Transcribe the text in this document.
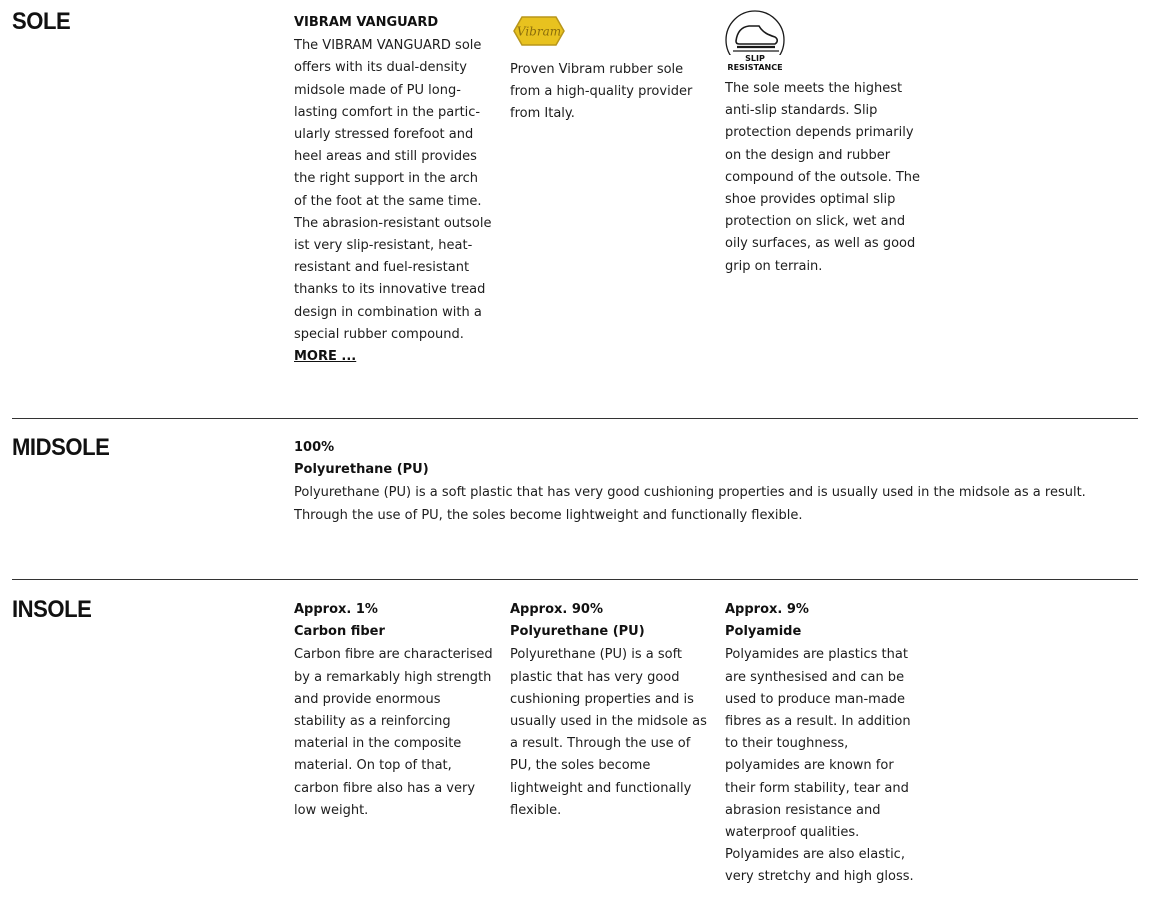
SOLE	VIBRAM VANGUARD

The VIBRAM VANGUARD sole offers with its dual-density midsole made of PU long-lasting comfort in the partic-ularly stressed forefoot and heel areas and still provides the right support in the arch of the foot at the same time. The abrasion-resistant outsole ist very slip-resistant, heat-resistant and fuel-resistant thanks to its innovative tread design in combination with a special rubber compound.

MORE ...
Vibram

Proven Vibram rubber sole from a high-quality provider from Italy.

SLIP
RESISTANCE

The sole meets the highest anti-slip standards. Slip protection depends primarily on the design and rubber compound of the outsole. The shoe provides optimal slip protection on slick, wet and oily surfaces, as well as good grip on terrain.

MIDSOLE	100%

Polyurethane (PU)

Polyurethane (PU) is a soft plastic that has very good cushioning properties and is usually used in the midsole as a result. Through the use of PU, the soles become lightweight and functionally flexible.

INSOLE	Approx. 1%

Carbon fiber

Carbon fibre are characterised by a remarkably high strength and provide enormous stability as a reinforcing material in the composite material. On top of that, carbon fibre also has a very low weight.

Approx. 90%

Polyurethane (PU)

Polyurethane (PU) is a soft plastic that has very good cushioning properties and is usually used in the midsole as a result. Through the use of PU, the soles become lightweight and functionally flexible.

Approx. 9%

Polyamide

Polyamides are plastics that are synthesised and can be used to produce man-made fibres as a result. In addition to their toughness, polyamides are known for their form stability, tear and abrasion resistance and waterproof qualities. Polyamides are also elastic, very stretchy and high gloss.
